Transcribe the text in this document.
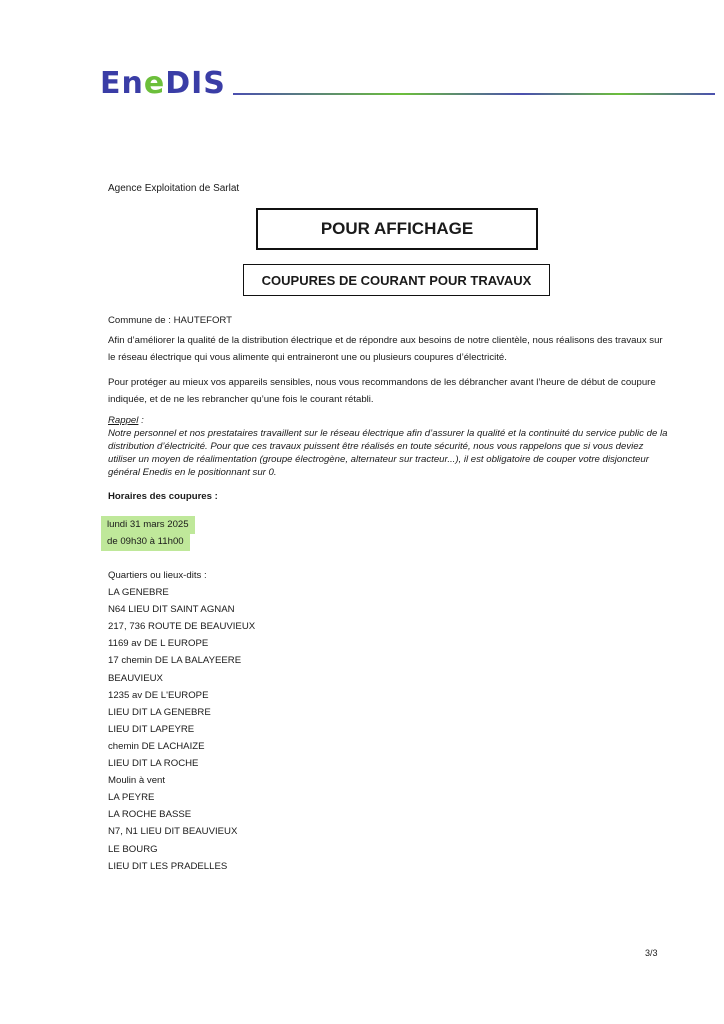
EneDIS
Agence Exploitation de Sarlat
POUR AFFICHAGE
COUPURES DE COURANT POUR TRAVAUX
Commune de : HAUTEFORT
Afin d’améliorer la qualité de la distribution électrique et de répondre aux besoins de notre clientèle, nous réalisons des travaux sur le réseau électrique qui vous alimente qui entraineront une ou plusieurs coupures d’électricité.
Pour protéger au mieux vos appareils sensibles, nous vous recommandons de les débrancher avant l’heure de début de coupure indiquée, et de ne les rebrancher qu’une fois le courant rétabli.
Rappel :
Notre personnel et nos prestataires travaillent sur le réseau électrique afin d’assurer la qualité et la continuité du service public de la distribution d’électricité. Pour que ces travaux puissent être réalisés en toute sécurité, nous vous rappelons que si vous deviez utiliser un moyen de réalimentation (groupe électrogène, alternateur sur tracteur...), il est obligatoire de couper votre disjoncteur général Enedis en le positionnant sur 0.
Horaires des coupures :
lundi 31 mars 2025
de 09h30 à 11h00
Quartiers ou lieux-dits :
LA GENEBRE
N64 LIEU DIT SAINT AGNAN
217, 736 ROUTE DE BEAUVIEUX
1169 av DE L EUROPE
17 chemin DE LA BALAYEERE
BEAUVIEUX
1235 av DE L'EUROPE
LIEU DIT LA GENEBRE
LIEU DIT LAPEYRE
chemin DE LACHAIZE
LIEU DIT LA ROCHE
Moulin à vent
LA PEYRE
LA ROCHE BASSE
N7, N1 LIEU DIT BEAUVIEUX
LE BOURG
LIEU DIT LES PRADELLES
3/3
